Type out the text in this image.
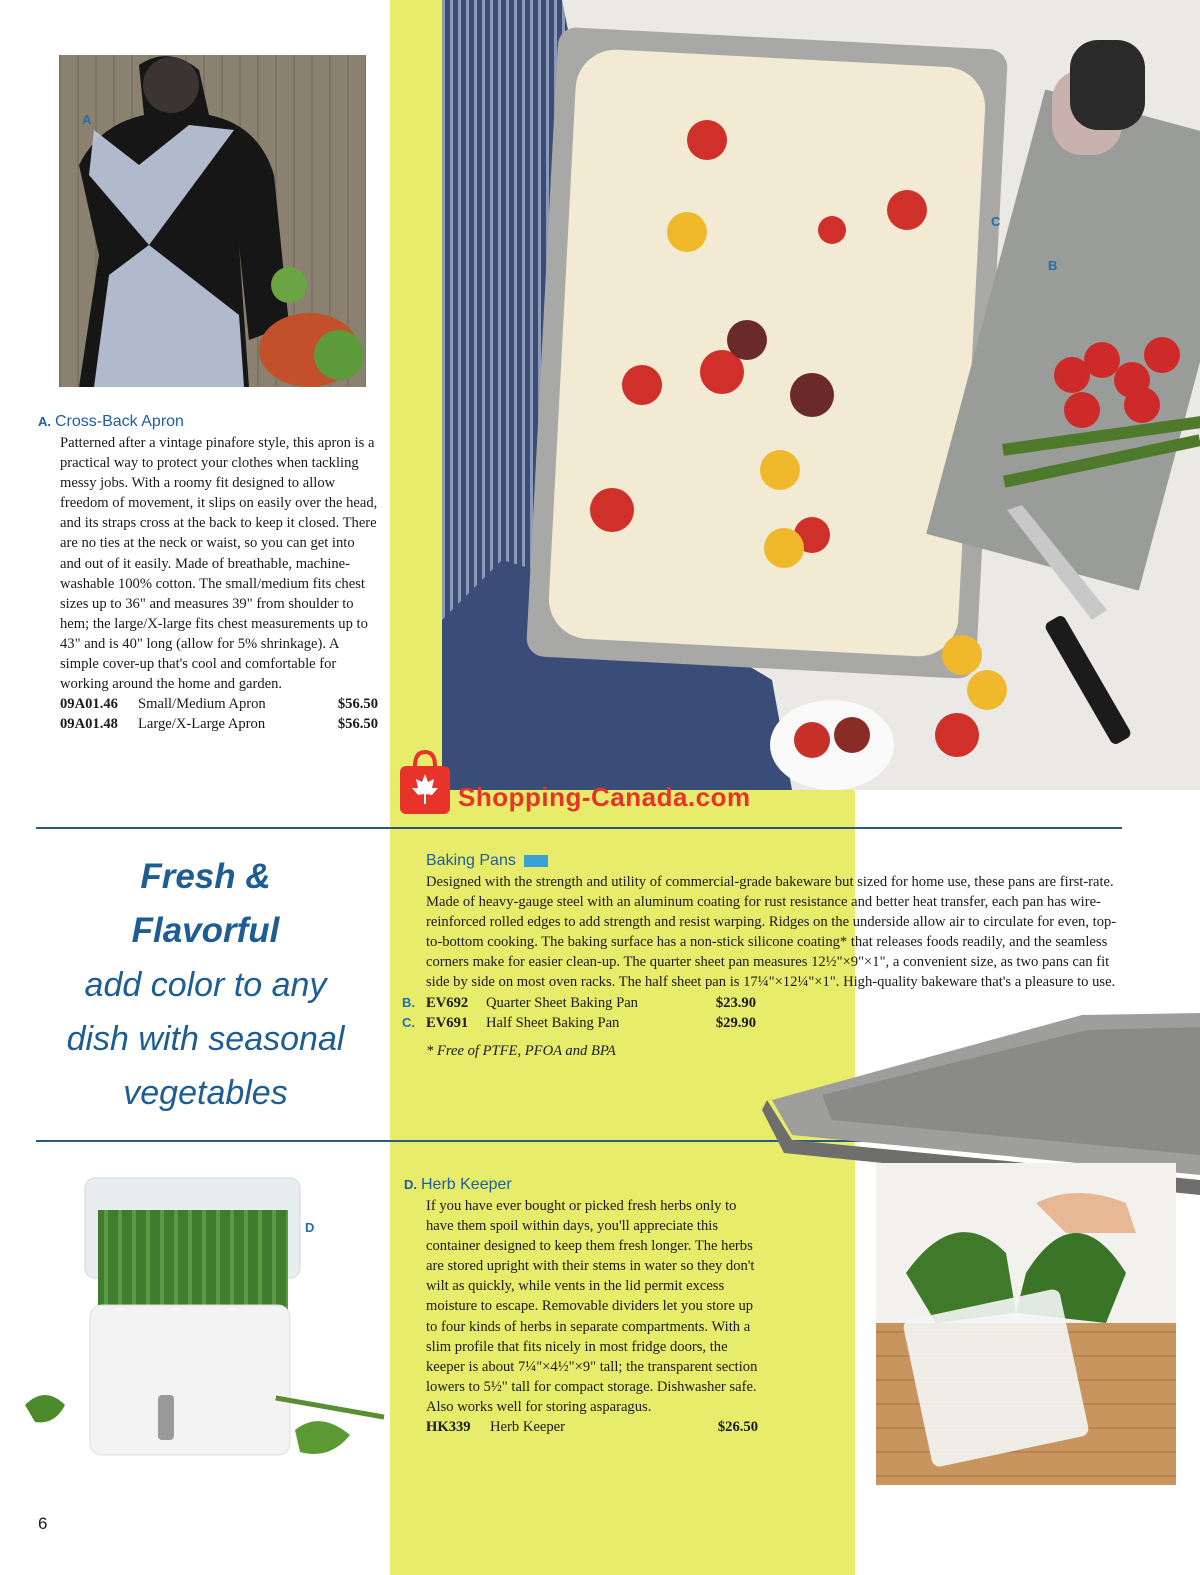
A
C
B
Shopping-Canada.com
A. Cross-Back Apron
Patterned after a vintage pinafore style, this apron is a practical way to protect your clothes when tackling messy jobs. With a roomy fit designed to allow freedom of movement, it slips on easily over the head, and its straps cross at the back to keep it closed. There are no ties at the neck or waist, so you can get into and out of it easily. Made of breathable, machine-washable 100% cotton. The small/medium fits chest sizes up to 36" and measures 39" from shoulder to hem; the large/X-large fits chest measurements up to 43" and is 40" long (allow for 5% shrinkage). A simple cover-up that's cool and comfortable for working around the home and garden.
09A01.46 Small/Medium Apron	$56.50
09A01.48 Large/X-Large Apron	$56.50
Fresh &
Flavorful
add color to any
dish with seasonal
vegetables
Baking Pans
Designed with the strength and utility of commercial-grade bakeware but sized for home use, these pans are first-rate. Made of heavy-gauge steel with an aluminum coating for rust resistance and better heat transfer, each pan has wire-reinforced rolled edges to add strength and resist warping. Ridges on the underside allow air to circulate for even, top-to-bottom cooking. The baking surface has a non-stick silicone coating* that releases foods readily, and the seamless corners make for easier clean-up. The quarter sheet pan measures 12½"×9"×1", a convenient size, as two pans can fit side by side on most oven racks. The half sheet pan is 17¼"×12¼"×1". High-quality bakeware that's a pleasure to use.
B. EV692 Quarter Sheet Baking Pan	$23.90
C. EV691 Half Sheet Baking Pan	$29.90
* Free of PTFE, PFOA and BPA
D
D. Herb Keeper
If you have ever bought or picked fresh herbs only to have them spoil within days, you'll appreciate this container designed to keep them fresh longer. The herbs are stored upright with their stems in water so they don't wilt as quickly, while vents in the lid permit excess moisture to escape. Removable dividers let you store up to four kinds of herbs in separate compartments. With a slim profile that fits nicely in most fridge doors, the keeper is about 7¼"×4½"×9" tall; the transparent section lowers to 5½" tall for compact storage. Dishwasher safe. Also works well for storing asparagus.
HK339 Herb Keeper	$26.50
6
